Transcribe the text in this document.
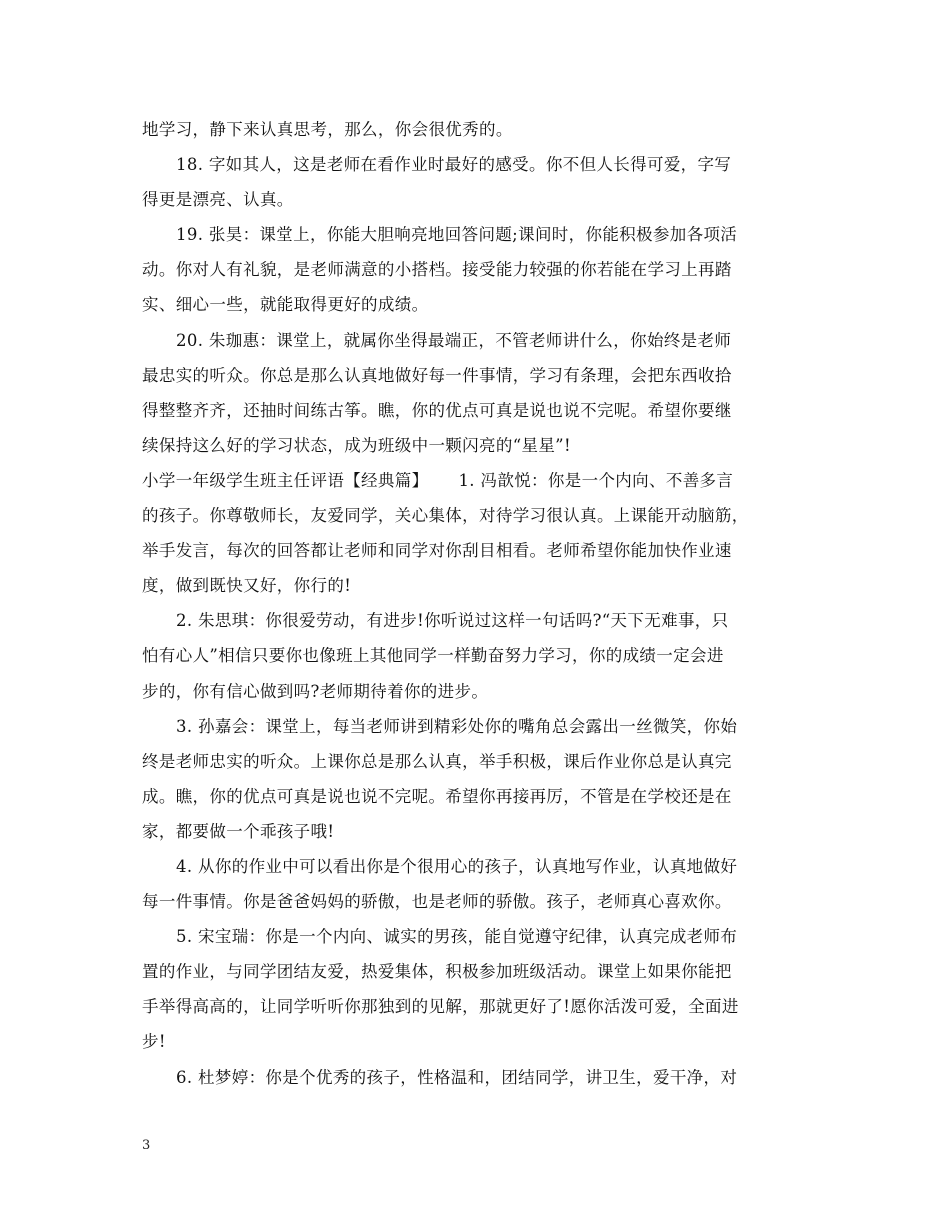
地学习，静下来认真思考，那么，你会很优秀的。
18. 字如其人，这是老师在看作业时最好的感受。你不但人长得可爱，字写
得更是漂亮、认真。
19. 张昊：课堂上，你能大胆响亮地回答问题;课间时，你能积极参加各项活
动。你对人有礼貌，是老师满意的小搭档。接受能力较强的你若能在学习上再踏
实、细心一些，就能取得更好的成绩。
20. 朱珈惠：课堂上，就属你坐得最端正，不管老师讲什么，你始终是老师
最忠实的听众。你总是那么认真地做好每一件事情，学习有条理，会把东西收拾
得整整齐齐，还抽时间练古筝。瞧，你的优点可真是说也说不完呢。希望你要继
续保持这么好的学习状态，成为班级中一颗闪亮的“星星”!
小学一年级学生班主任评语【经典篇】 1. 冯歆悦：你是一个内向、不善多言
的孩子。你尊敬师长，友爱同学，关心集体，对待学习很认真。上课能开动脑筋，
举手发言，每次的回答都让老师和同学对你刮目相看。老师希望你能加快作业速
度，做到既快又好，你行的!
2. 朱思琪：你很爱劳动，有进步!你听说过这样一句话吗?“天下无难事，只
怕有心人”相信只要你也像班上其他同学一样勤奋努力学习，你的成绩一定会进
步的，你有信心做到吗?老师期待着你的进步。
3. 孙嘉会：课堂上，每当老师讲到精彩处你的嘴角总会露出一丝微笑，你始
终是老师忠实的听众。上课你总是那么认真，举手积极，课后作业你总是认真完
成。瞧，你的优点可真是说也说不完呢。希望你再接再厉，不管是在学校还是在
家，都要做一个乖孩子哦!
4. 从你的作业中可以看出你是个很用心的孩子，认真地写作业，认真地做好
每一件事情。你是爸爸妈妈的骄傲，也是老师的骄傲。孩子，老师真心喜欢你。
5. 宋宝瑞：你是一个内向、诚实的男孩，能自觉遵守纪律，认真完成老师布
置的作业，与同学团结友爱，热爱集体，积极参加班级活动。课堂上如果你能把
手举得高高的，让同学听听你那独到的见解，那就更好了!愿你活泼可爱，全面进
步!
6. 杜梦婷：你是个优秀的孩子，性格温和，团结同学，讲卫生，爱干净，对
3
